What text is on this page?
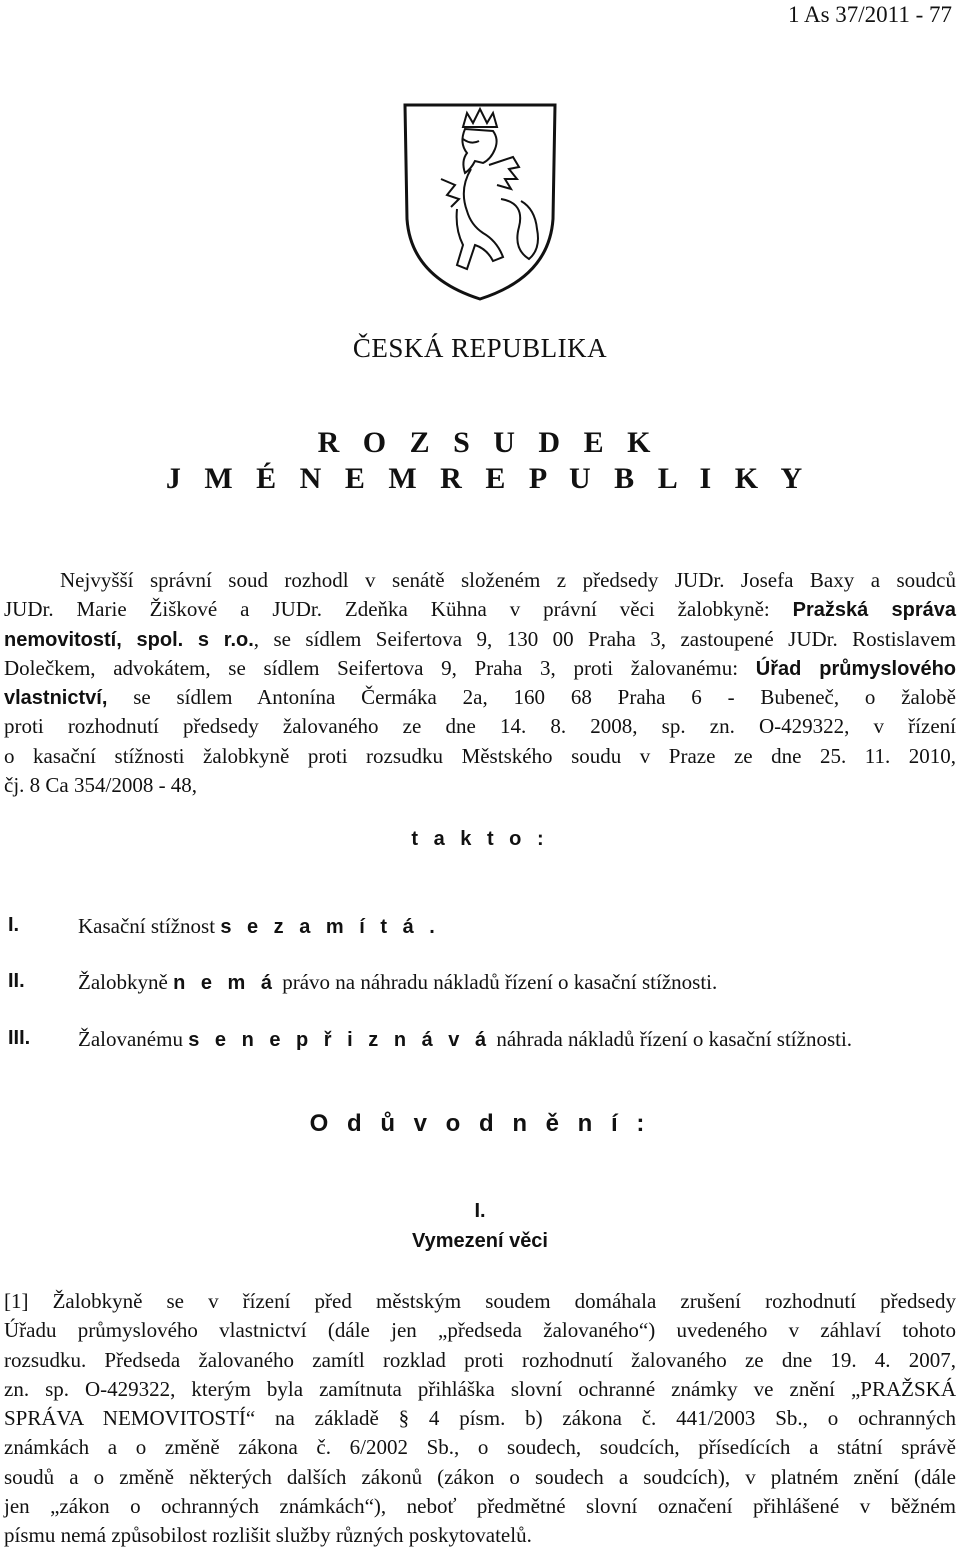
1 As 37/2011 - 77
ČESKÁ REPUBLIKA
R O Z S U D E K
J M É N E M R E P U B L I K Y
Nejvyšší správní soud rozhodl v senátě složeném z předsedy JUDr. Josefa Baxy a soudců
JUDr. Marie Žiškové a JUDr. Zdeňka Kühna v právní věci žalobkyně: Pražská správa
nemovitostí, spol. s r.o., se sídlem Seifertova 9, 130 00 Praha 3, zastoupené JUDr. Rostislavem
Dolečkem, advokátem, se sídlem Seifertova 9, Praha 3, proti žalovanému: Úřad průmyslového
vlastnictví, se sídlem Antonína Čermáka 2a, 160 68 Praha 6 - Bubeneč, o žalobě
proti rozhodnutí předsedy žalovaného ze dne 14. 8. 2008, sp. zn. O-429322, v řízení
o kasační stížnosti žalobkyně proti rozsudku Městského soudu v Praze ze dne 25. 11. 2010,
čj. 8 Ca 354/2008 - 48,
t a k t o :
I.	Kasační stížnost s e z a m í t á .
II.	Žalobkyně n e m á právo na náhradu nákladů řízení o kasační stížnosti.
III. Žalovanému s e n e p ř i z n á v á náhrada nákladů řízení o kasační stížnosti.
O d ů v o d n ě n í :
I.
Vymezení věci
[1] Žalobkyně se v řízení před městským soudem domáhala zrušení rozhodnutí předsedy
Úřadu průmyslového vlastnictví (dále jen „předseda žalovaného“) uvedeného v záhlaví tohoto
rozsudku. Předseda žalovaného zamítl rozklad proti rozhodnutí žalovaného ze dne 19. 4. 2007,
zn. sp. O-429322, kterým byla zamítnuta přihláška slovní ochranné známky ve znění „PRAŽSKÁ
SPRÁVA NEMOVITOSTÍ“ na základě § 4 písm. b) zákona č. 441/2003 Sb., o ochranných
známkách a o změně zákona č. 6/2002 Sb., o soudech, soudcích, přísedících a státní správě
soudů a o změně některých dalších zákonů (zákon o soudech a soudcích), v platném znění (dále
jen „zákon o ochranných známkách“), neboť předmětné slovní označení přihlášené v běžném
písmu nemá způsobilost rozlišit služby různých poskytovatelů.
